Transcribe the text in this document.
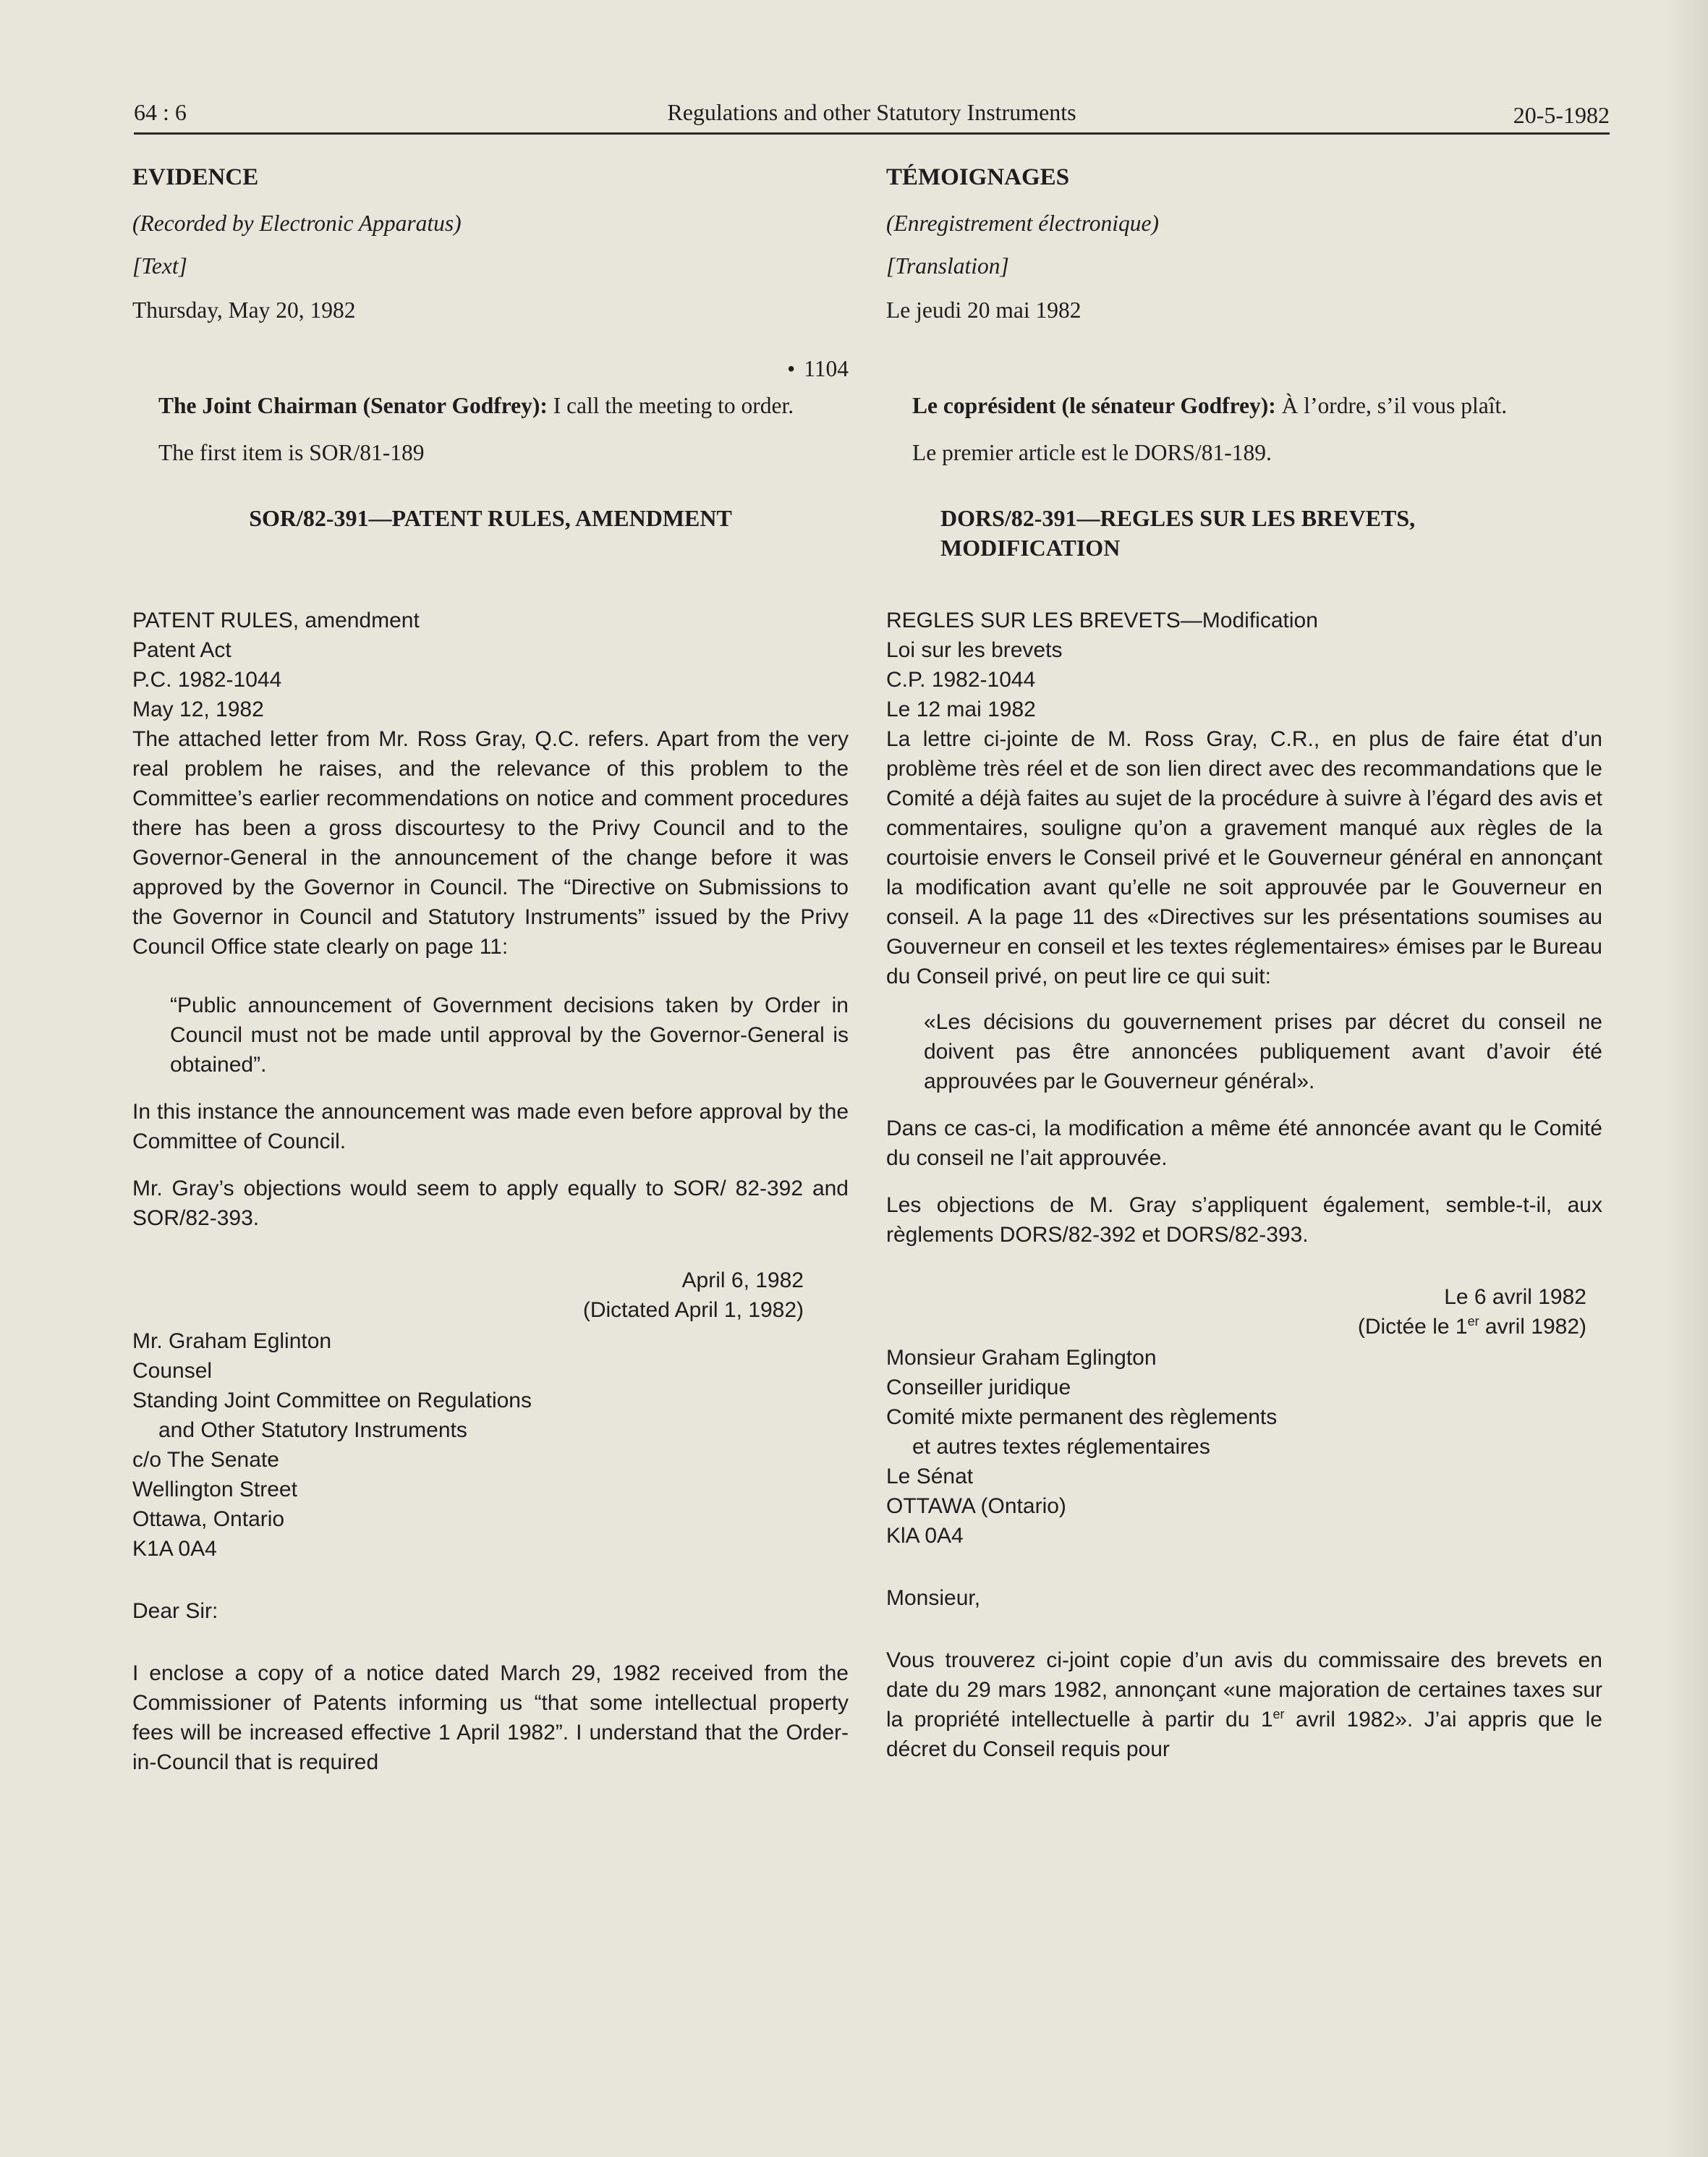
64 : 6	Regulations and other Statutory Instruments	20-5-1982

EVIDENCE

(Recorded by Electronic Apparatus)

[Text]

Thursday, May 20, 1982

• 1104

The Joint Chairman (Senator Godfrey): I call the meeting to order.

The first item is SOR/81-189

SOR/82-391—PATENT RULES, AMENDMENT

PATENT RULES, amendment

Patent Act

P.C. 1982-1044

May 12, 1982

The attached letter from Mr. Ross Gray, Q.C. refers. Apart from the very real problem he raises, and the relevance of this problem to the Committee’s earlier recommendations on notice and comment procedures there has been a gross discourtesy to the Privy Council and to the Governor-General in the announcement of the change before it was approved by the Governor in Council. The “Directive on Submissions to the Governor in Council and Statutory Instruments” issued by the Privy Council Office state clearly on page 11:

“Public announcement of Government decisions taken by Order in Council must not be made until approval by the Governor-General is obtained”.

In this instance the announcement was made even before approval by the Committee of Council.

Mr. Gray’s objections would seem to apply equally to SOR/ 82-392 and SOR/82-393.

April 6, 1982

(Dictated April 1, 1982)

Mr. Graham Eglinton

Counsel

Standing Joint Committee on Regulations

and Other Statutory Instruments

c/o The Senate

Wellington Street

Ottawa, Ontario

K1A 0A4

Dear Sir:

I enclose a copy of a notice dated March 29, 1982 received from the Commissioner of Patents informing us “that some intellectual property fees will be increased effective 1 April 1982”. I understand that the Order-in-Council that is required

TÉMOIGNAGES

(Enregistrement électronique)

[Translation]

Le jeudi 20 mai 1982

Le coprésident (le sénateur Godfrey): À l’ordre, s’il vous plaît.

Le premier article est le DORS/81-189.

DORS/82-391—REGLES SUR LES BREVETS,

MODIFICATION

REGLES SUR LES BREVETS—Modification

Loi sur les brevets

C.P. 1982-1044

Le 12 mai 1982

La lettre ci-jointe de M. Ross Gray, C.R., en plus de faire état d’un problème très réel et de son lien direct avec des recommandations que le Comité a déjà faites au sujet de la procédure à suivre à l’égard des avis et commentaires, souligne qu’on a gravement manqué aux règles de la courtoisie envers le Conseil privé et le Gouverneur général en annonçant la modification avant qu’elle ne soit approuvée par le Gouverneur en conseil. A la page 11 des «Directives sur les présentations soumises au Gouverneur en conseil et les textes réglementaires» émises par le Bureau du Conseil privé, on peut lire ce qui suit:

«Les décisions du gouvernement prises par décret du conseil ne doivent pas être annoncées publiquement avant d’avoir été approuvées par le Gouverneur général».

Dans ce cas-ci, la modification a même été annoncée avant qu le Comité du conseil ne l’ait approuvée.

Les objections de M. Gray s’appliquent également, semble-t-il, aux règlements DORS/82-392 et DORS/82-393.

Le 6 avril 1982

(Dictée le 1er avril 1982)

Monsieur Graham Eglington

Conseiller juridique

Comité mixte permanent des règlements

et autres textes réglementaires

Le Sénat

OTTAWA (Ontario)

KlA 0A4

Monsieur,

Vous trouverez ci-joint copie d’un avis du commissaire des brevets en date du 29 mars 1982, annonçant «une majoration de certaines taxes sur la propriété intellectuelle à partir du 1er avril 1982». J’ai appris que le décret du Conseil requis pour
